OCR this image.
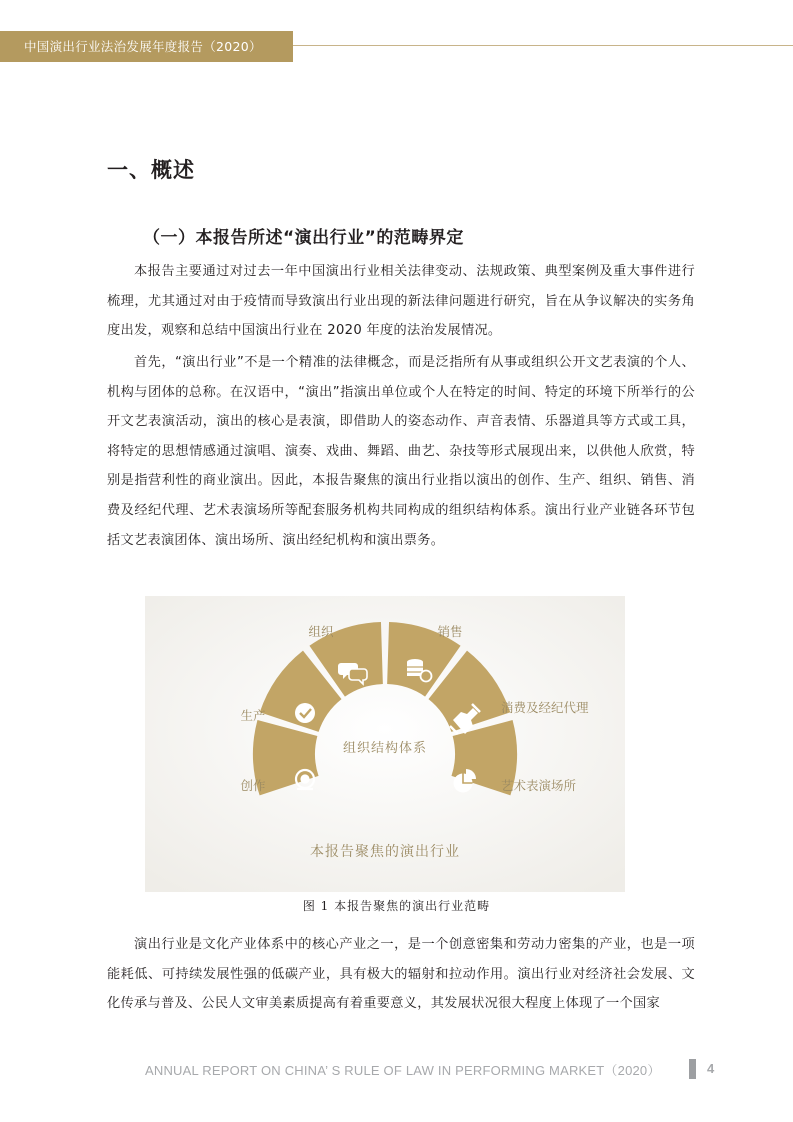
中国演出行业法治发展年度报告（2020）
一、概述
（一）本报告所述“演出行业”的范畴界定

本报告主要通过对过去一年中国演出行业相关法律变动、法规政策、典型案例及重大事件进行梳理，尤其通过对由于疫情而导致演出行业出现的新法律问题进行研究，旨在从争议解决的实务角度出发，观察和总结中国演出行业在 2020 年度的法治发展情况。

首先，“演出行业”不是一个精准的法律概念，而是泛指所有从事或组织公开文艺表演的个人、机构与团体的总称。在汉语中，“演出”指演出单位或个人在特定的时间、特定的环境下所举行的公开文艺表演活动，演出的核心是表演，即借助人的姿态动作、声音表情、乐器道具等方式或工具，将特定的思想情感通过演唱、演奏、戏曲、舞蹈、曲艺、杂技等形式展现出来，以供他人欣赏，特别是指营利性的商业演出。因此，本报告聚焦的演出行业指以演出的创作、生产、组织、销售、消费及经纪代理、艺术表演场所等配套服务机构共同构成的组织结构体系。演出行业产业链各环节包括文艺表演团体、演出场所、演出经纪机构和演出票务。

组织结构体系
本报告聚焦的演出行业
创作
生产
组织	销售
消费及经纪代理
艺术表演场所
图 1 本报告聚焦的演出行业范畴

演出行业是文化产业体系中的核心产业之一，是一个创意密集和劳动力密集的产业，也是一项能耗低、可持续发展性强的低碳产业，具有极大的辐射和拉动作用。演出行业对经济社会发展、文化传承与普及、公民人文审美素质提高有着重要意义，其发展状况很大程度上体现了一个国家

ANNUAL REPORT ON CHINA’ S RULE OF LAW IN PERFORMING MARKET（2020）	4
